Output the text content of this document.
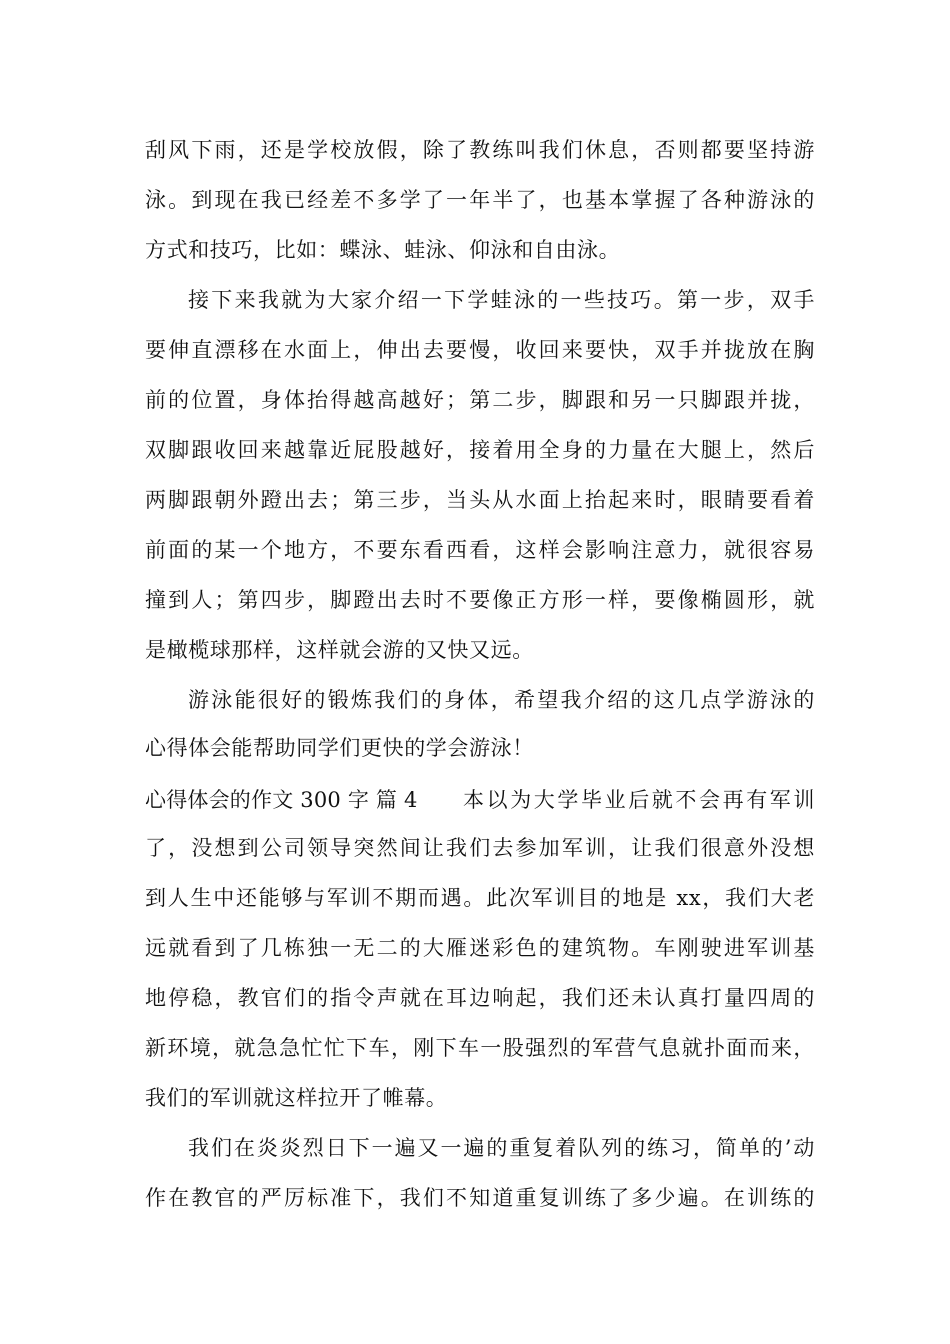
刮风下雨，还是学校放假，除了教练叫我们休息，否则都要坚持游
泳。到现在我已经差不多学了一年半了，也基本掌握了各种游泳的
方式和技巧，比如：蝶泳、蛙泳、仰泳和自由泳。
接下来我就为大家介绍一下学蛙泳的一些技巧。第一步，双手
要伸直漂移在水面上，伸出去要慢，收回来要快，双手并拢放在胸
前的位置，身体抬得越高越好；第二步，脚跟和另一只脚跟并拢，
双脚跟收回来越靠近屁股越好，接着用全身的力量在大腿上，然后
两脚跟朝外蹬出去；第三步，当头从水面上抬起来时，眼睛要看着
前面的某一个地方，不要东看西看，这样会影响注意力，就很容易
撞到人；第四步，脚蹬出去时不要像正方形一样，要像椭圆形，就
是橄榄球那样，这样就会游的又快又远。
游泳能很好的锻炼我们的身体，希望我介绍的这几点学游泳的
心得体会能帮助同学们更快的学会游泳！
心得体会的作文 300 字 篇 4 本以为大学毕业后就不会再有军训
了，没想到公司领导突然间让我们去参加军训，让我们很意外没想
到人生中还能够与军训不期而遇。此次军训目的地是 xx，我们大老
远就看到了几栋独一无二的大雁迷彩色的建筑物。车刚驶进军训基
地停稳，教官们的指令声就在耳边响起，我们还未认真打量四周的
新环境，就急急忙忙下车，刚下车一股强烈的军营气息就扑面而来，
我们的军训就这样拉开了帷幕。
我们在炎炎烈日下一遍又一遍的重复着队列的练习，简单的’动
作在教官的严厉标准下，我们不知道重复训练了多少遍。在训练的
